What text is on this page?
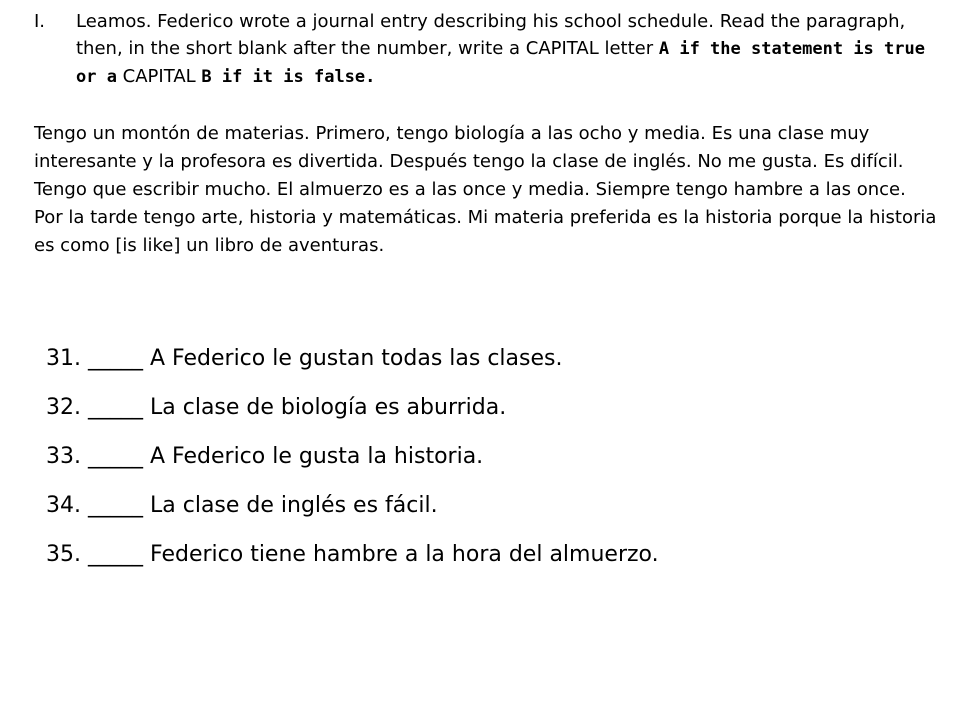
I. Leamos. Federico wrote a journal entry describing his school schedule. Read the paragraph, then, in the short blank after the number, write a CAPITAL letter A if the statement is true or a CAPITAL B if it is false.
Tengo un montón de materias. Primero, tengo biología a las ocho y media. Es una clase muy interesante y la profesora es divertida. Después tengo la clase de inglés. No me gusta. Es difícil. Tengo que escribir mucho. El almuerzo es a las once y media. Siempre tengo hambre a las once. Por la tarde tengo arte, historia y matemáticas. Mi materia preferida es la historia porque la historia es como [is like] un libro de aventuras.
31. _____ A Federico le gustan todas las clases.
32. _____ La clase de biología es aburrida.
33. _____ A Federico le gusta la historia.
34. _____ La clase de inglés es fácil.
35. _____ Federico tiene hambre a la hora del almuerzo.
